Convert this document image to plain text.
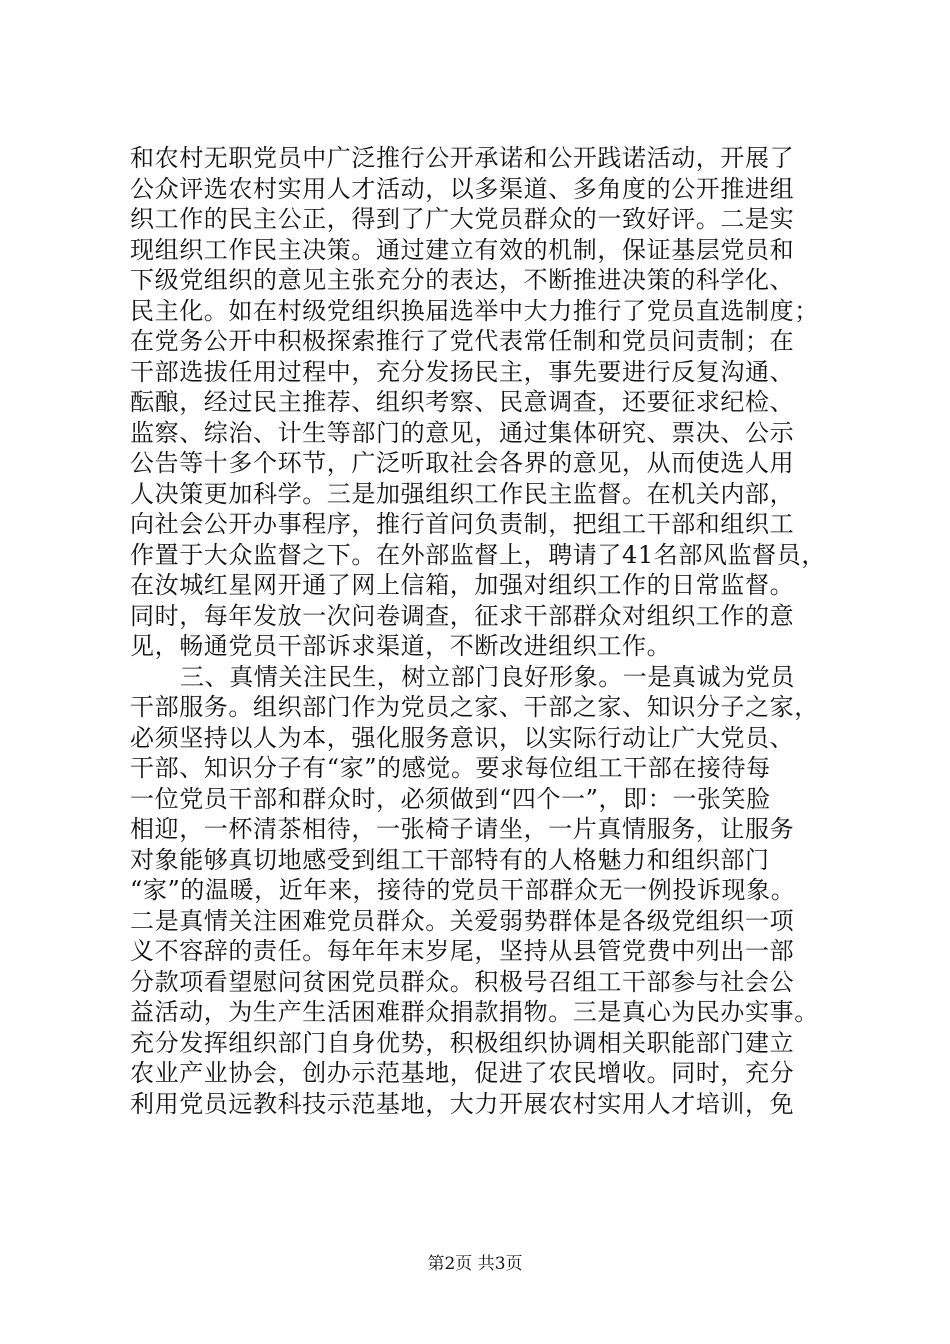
和农村无职党员中广泛推行公开承诺和公开践诺活动，开展了
公众评选农村实用人才活动，以多渠道、多角度的公开推进组
织工作的民主公正，得到了广大党员群众的一致好评。二是实
现组织工作民主决策。通过建立有效的机制，保证基层党员和
下级党组织的意见主张充分的表达，不断推进决策的科学化、
民主化。如在村级党组织换届选举中大力推行了党员直选制度；
在党务公开中积极探索推行了党代表常任制和党员问责制；在
干部选拔任用过程中，充分发扬民主，事先要进行反复沟通、
酝酿，经过民主推荐、组织考察、民意调查，还要征求纪检、
监察、综治、计生等部门的意见，通过集体研究、票决、公示
公告等十多个环节，广泛听取社会各界的意见，从而使选人用
人决策更加科学。三是加强组织工作民主监督。在机关内部，
向社会公开办事程序，推行首问负责制，把组工干部和组织工
作置于大众监督之下。在外部监督上，聘请了41名部风监督员，
在汝城红星网开通了网上信箱，加强对组织工作的日常监督。
同时，每年发放一次问卷调查，征求干部群众对组织工作的意
见，畅通党员干部诉求渠道，不断改进组织工作。
三、真情关注民生，树立部门良好形象。一是真诚为党员
干部服务。组织部门作为党员之家、干部之家、知识分子之家，
必须坚持以人为本，强化服务意识，以实际行动让广大党员、
干部、知识分子有“家”的感觉。要求每位组工干部在接待每
一位党员干部和群众时，必须做到“四个一”，即：一张笑脸
相迎，一杯清茶相待，一张椅子请坐，一片真情服务，让服务
对象能够真切地感受到组工干部特有的人格魅力和组织部门
“家”的温暖，近年来，接待的党员干部群众无一例投诉现象。
二是真情关注困难党员群众。关爱弱势群体是各级党组织一项
义不容辞的责任。每年年末岁尾，坚持从县管党费中列出一部
分款项看望慰问贫困党员群众。积极号召组工干部参与社会公
益活动，为生产生活困难群众捐款捐物。三是真心为民办实事。
充分发挥组织部门自身优势，积极组织协调相关职能部门建立
农业产业协会，创办示范基地，促进了农民增收。同时，充分
利用党员远教科技示范基地，大力开展农村实用人才培训，免
第2页 共3页
